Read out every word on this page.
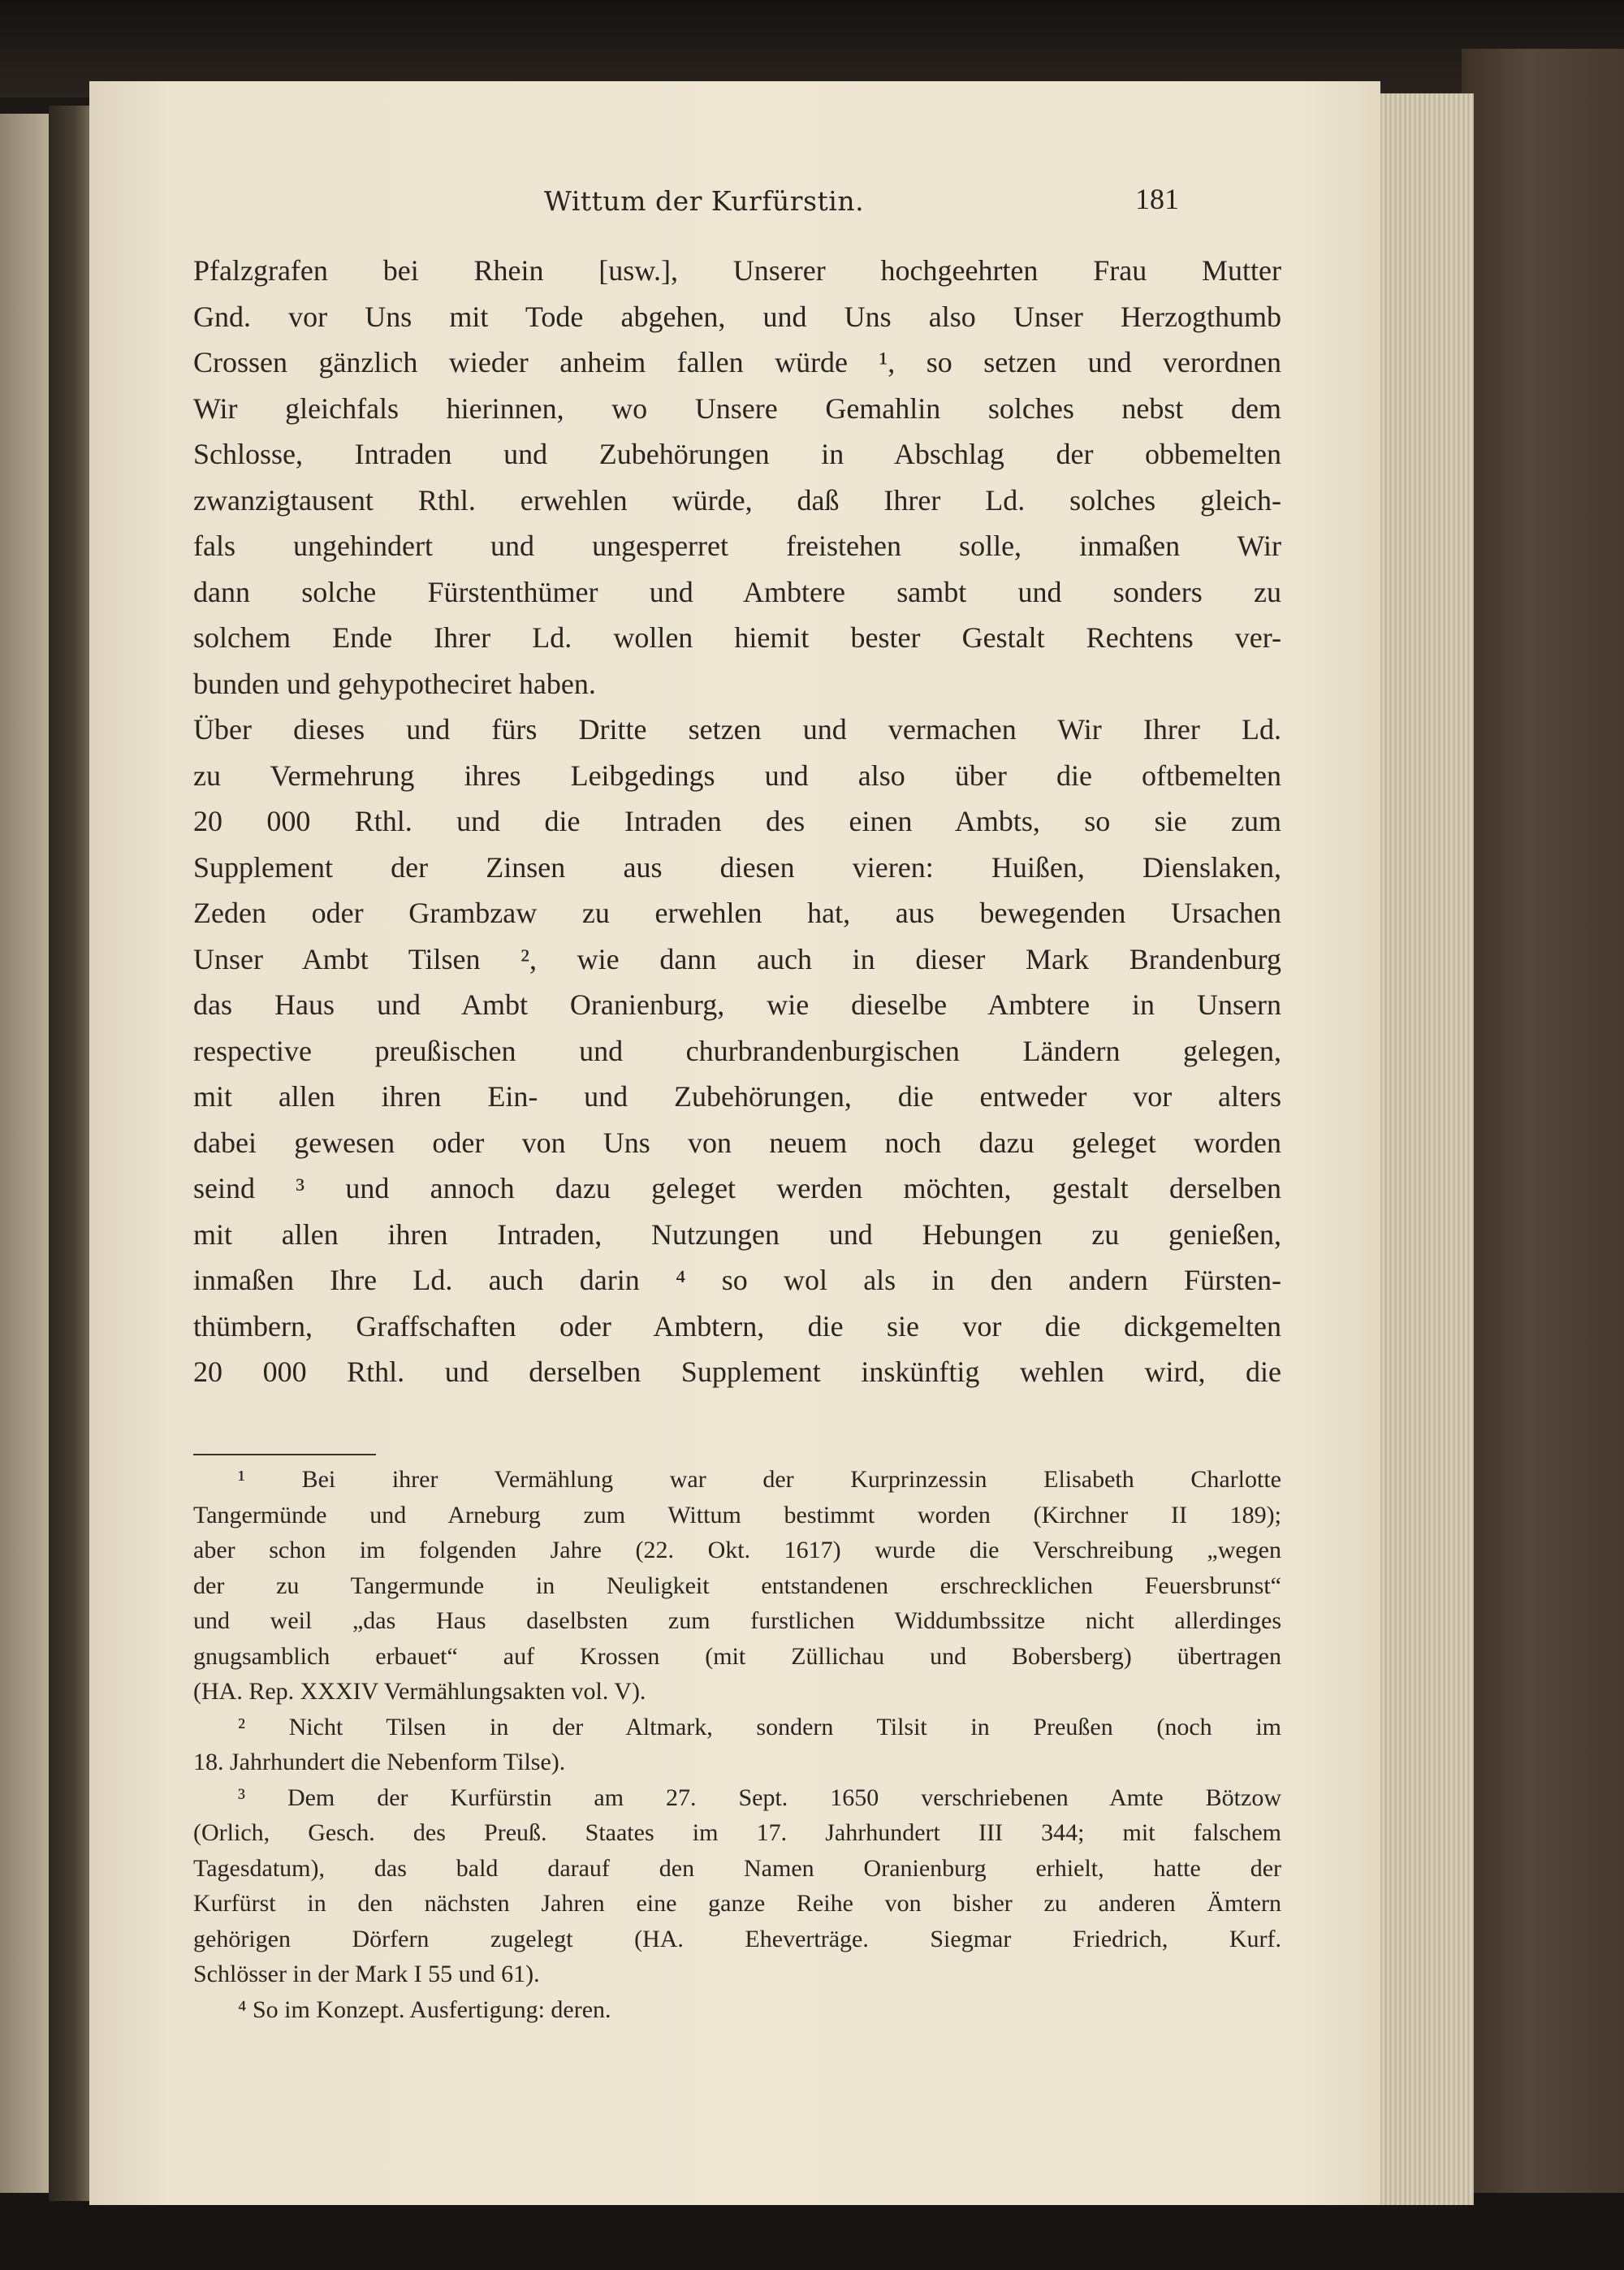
Wittum der Kurfürstin.	181
Pfalzgrafen bei Rhein [usw.], Unserer hochgeehrten Frau Mutter
Gnd. vor Uns mit Tode abgehen, und Uns also Unser Herzogthumb
Crossen gänzlich wieder anheim fallen würde ¹, so setzen und verordnen
Wir gleichfals hierinnen, wo Unsere Gemahlin solches nebst dem
Schlosse, Intraden und Zubehörungen in Abschlag der obbemelten
zwanzigtausent Rthl. erwehlen würde, daß Ihrer Ld. solches gleich-
fals ungehindert und ungesperret freistehen solle, inmaßen Wir
dann solche Fürstenthümer und Ambtere sambt und sonders zu
solchem Ende Ihrer Ld. wollen hiemit bester Gestalt Rechtens ver-
bunden und gehypotheciret haben.
Über dieses und fürs Dritte setzen und vermachen Wir Ihrer Ld.
zu Vermehrung ihres Leibgedings und also über die oftbemelten
20 000 Rthl. und die Intraden des einen Ambts, so sie zum
Supplement der Zinsen aus diesen vieren: Huißen, Dienslaken,
Zeden oder Grambzaw zu erwehlen hat, aus bewegenden Ursachen
Unser Ambt Tilsen ², wie dann auch in dieser Mark Brandenburg
das Haus und Ambt Oranienburg, wie dieselbe Ambtere in Unsern
respective preußischen und churbrandenburgischen Ländern gelegen,
mit allen ihren Ein- und Zubehörungen, die entweder vor alters
dabei gewesen oder von Uns von neuem noch dazu geleget worden
seind ³ und annoch dazu geleget werden möchten, gestalt derselben
mit allen ihren Intraden, Nutzungen und Hebungen zu genießen,
inmaßen Ihre Ld. auch darin ⁴ so wol als in den andern Fürsten-
thümbern, Graffschaften oder Ambtern, die sie vor die dickgemelten
20 000 Rthl. und derselben Supplement inskünftig wehlen wird, die
¹ Bei ihrer Vermählung war der Kurprinzessin Elisabeth Charlotte
Tangermünde und Arneburg zum Wittum bestimmt worden (Kirchner II 189);
aber schon im folgenden Jahre (22. Okt. 1617) wurde die Verschreibung „wegen
der zu Tangermunde in Neuligkeit entstandenen erschrecklichen Feuersbrunst“
und weil „das Haus daselbsten zum furstlichen Widdumbssitze nicht allerdinges
gnugsamblich erbauet“ auf Krossen (mit Züllichau und Bobersberg) übertragen
(HA. Rep. XXXIV Vermählungsakten vol. V).
² Nicht Tilsen in der Altmark, sondern Tilsit in Preußen (noch im
18. Jahrhundert die Nebenform Tilse).
³ Dem der Kurfürstin am 27. Sept. 1650 verschriebenen Amte Bötzow
(Orlich, Gesch. des Preuß. Staates im 17. Jahrhundert III 344; mit falschem
Tagesdatum), das bald darauf den Namen Oranienburg erhielt, hatte der
Kurfürst in den nächsten Jahren eine ganze Reihe von bisher zu anderen Ämtern
gehörigen Dörfern zugelegt (HA. Eheverträge. Siegmar Friedrich, Kurf.
Schlösser in der Mark I 55 und 61).
⁴ So im Konzept. Ausfertigung: deren.
